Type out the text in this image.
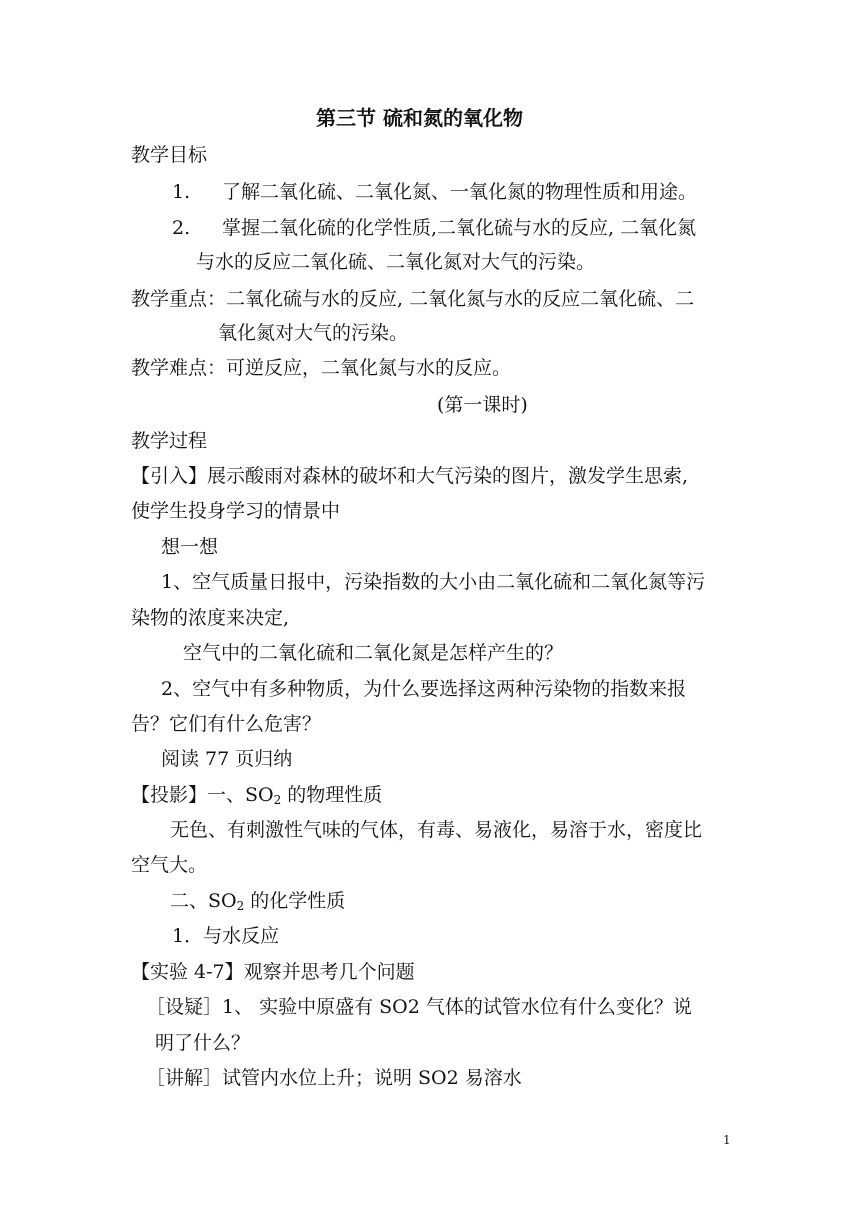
第三节 硫和氮的氧化物
教学目标
1. 了解二氧化硫、二氧化氮、一氧化氮的物理性质和用途。
2. 掌握二氧化硫的化学性质,二氧化硫与水的反应, 二氧化氮
与水的反应二氧化硫、二氧化氮对大气的污染。
教学重点：二氧化硫与水的反应, 二氧化氮与水的反应二氧化硫、二
氧化氮对大气的污染。
教学难点：可逆反应，二氧化氮与水的反应。
(第一课时)
教学过程
【引入】展示酸雨对森林的破坏和大气污染的图片，激发学生思索,
使学生投身学习的情景中
想一想
1、空气质量日报中，污染指数的大小由二氧化硫和二氧化氮等污
染物的浓度来决定,
空气中的二氧化硫和二氧化氮是怎样产生的？
2、空气中有多种物质，为什么要选择这两种污染物的指数来报
告？它们有什么危害？
阅读 77 页归纳
【投影】一、$SO_2$ 的物理性质
无色、有刺激性气味的气体，有毒、易液化，易溶于水，密度比
空气大。
二、$SO_2$ 的化学性质
1．与水反应
【实验 4-7】观察并思考几个问题
［设疑］1、 实验中原盛有 SO2 气体的试管水位有什么变化？说
明了什么？
［讲解］试管内水位上升；说明 SO2 易溶水
1
